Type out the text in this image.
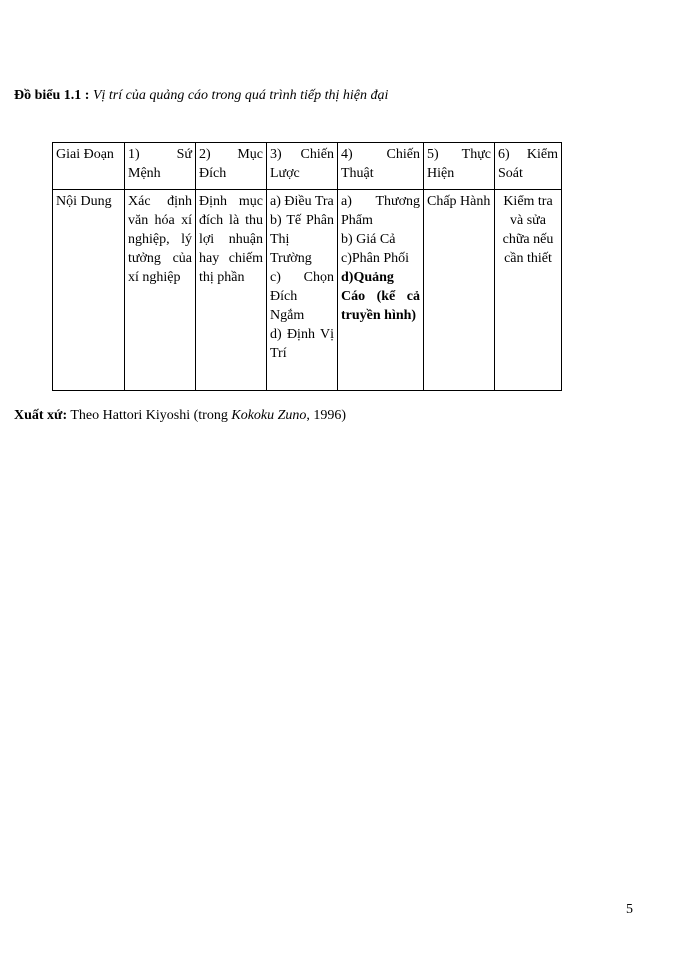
Đồ biểu 1.1 : Vị trí của quảng cáo trong quá trình tiếp thị hiện đại
Giai Đoạn	1) Sứ Mệnh	2) Mục Đích	3) Chiến Lược	4) Chiến Thuật	5) Thực Hiện	6) Kiểm Soát
Nội Dung	Xác định văn hóa xí nghiệp, lý tưởng của xí nghiệp	Định mục đích là thu lợi nhuận hay chiếm thị phần	a) Điều Tra
b) Tế Phân Thị Trường
c) Chọn Đích Ngắm
d) Định Vị Trí	a) Thương Phẩm
b) Giá Cả
c)Phân Phối
d)Quảng Cáo (kể cả truyền hình)	Chấp Hành	Kiểm tra và sửa chữa nếu cần thiết
Xuất xứ: Theo Hattori Kiyoshi (trong Kokoku Zuno, 1996)
5
